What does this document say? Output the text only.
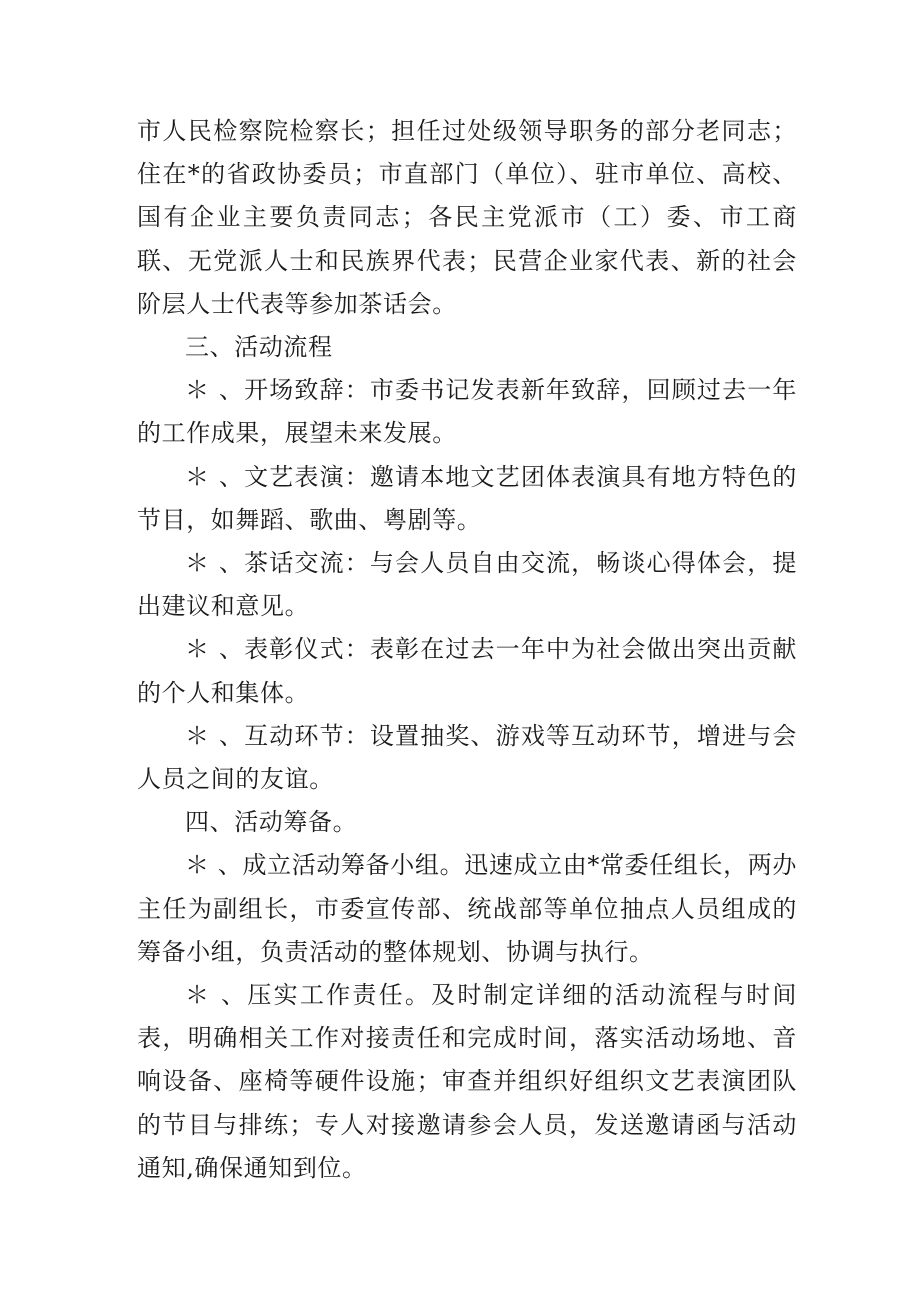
市人民检察院检察长；担任过处级领导职务的部分老同志；住在*的省政协委员；市直部门（单位）、驻市单位、高校、国有企业主要负责同志；各民主党派市（工）委、市工商联、无党派人士和民族界代表；民营企业家代表、新的社会阶层人士代表等参加茶话会。

三、活动流程

＊ 、开场致辞：市委书记发表新年致辞，回顾过去一年的工作成果，展望未来发展。

＊ 、文艺表演：邀请本地文艺团体表演具有地方特色的节目，如舞蹈、歌曲、粤剧等。

＊ 、茶话交流：与会人员自由交流，畅谈心得体会，提出建议和意见。

＊ 、表彰仪式：表彰在过去一年中为社会做出突出贡献的个人和集体。

＊ 、互动环节：设置抽奖、游戏等互动环节，增进与会人员之间的友谊。

四、活动筹备。

＊ 、成立活动筹备小组。迅速成立由*常委任组长，两办主任为副组长，市委宣传部、统战部等单位抽点人员组成的筹备小组，负责活动的整体规划、协调与执行。

＊ 、压实工作责任。及时制定详细的活动流程与时间表，明确相关工作对接责任和完成时间，落实活动场地、音响设备、座椅等硬件设施；审查并组织好组织文艺表演团队的节目与排练；专人对接邀请参会人员，发送邀请函与活动通知,确保通知到位。
